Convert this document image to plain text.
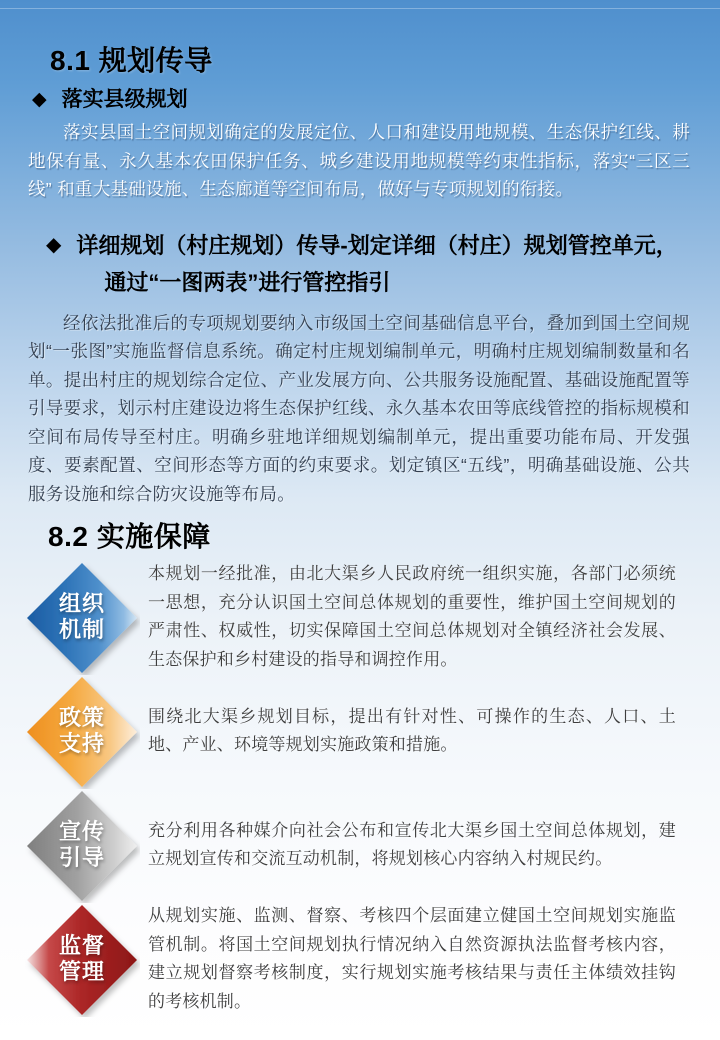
8.1 规划传导
◆ 落实县级规划

落实县国土空间规划确定的发展定位、人口和建设用地规模、生态保护红线、耕地保有量、永久基本农田保护任务、城乡建设用地规模等约束性指标，落实“三区三线” 和重大基础设施、生态廊道等空间布局，做好与专项规划的衔接。

◆ 详细规划（村庄规划）传导-划定详细（村庄）规划管控单元，
通过“一图两表”进行管控指引

经依法批准后的专项规划要纳入市级国土空间基础信息平台，叠加到国土空间规划“一张图”实施监督信息系统。确定村庄规划编制单元，明确村庄规划编制数量和名单。提出村庄的规划综合定位、产业发展方向、公共服务设施配置、基础设施配置等引导要求，划示村庄建设边将生态保护红线、永久基本农田等底线管控的指标规模和空间布局传导至村庄。明确乡驻地详细规划编制单元，提出重要功能布局、开发强度、要素配置、空间形态等方面的约束要求。划定镇区“五线”，明确基础设施、公共服务设施和综合防灾设施等布局。

8.2 实施保障
组织
机制

本规划一经批准，由北大渠乡人民政府统一组织实施，各部门必须统一思想，充分认识国土空间总体规划的重要性，维护国土空间规划的严肃性、权威性，切实保障国土空间总体规划对全镇经济社会发展、生态保护和乡村建设的指导和调控作用。

政策
支持

围绕北大渠乡规划目标，提出有针对性、可操作的生态、人口、土地、产业、环境等规划实施政策和措施。

宣传
引导

充分利用各种媒介向社会公布和宣传北大渠乡国土空间总体规划，建立规划宣传和交流互动机制，将规划核心内容纳入村规民约。

监督
管理

从规划实施、监测、督察、考核四个层面建立健国土空间规划实施监管机制。将国土空间规划执行情况纳入自然资源执法监督考核内容，建立规划督察考核制度，实行规划实施考核结果与责任主体绩效挂钩的考核机制。
